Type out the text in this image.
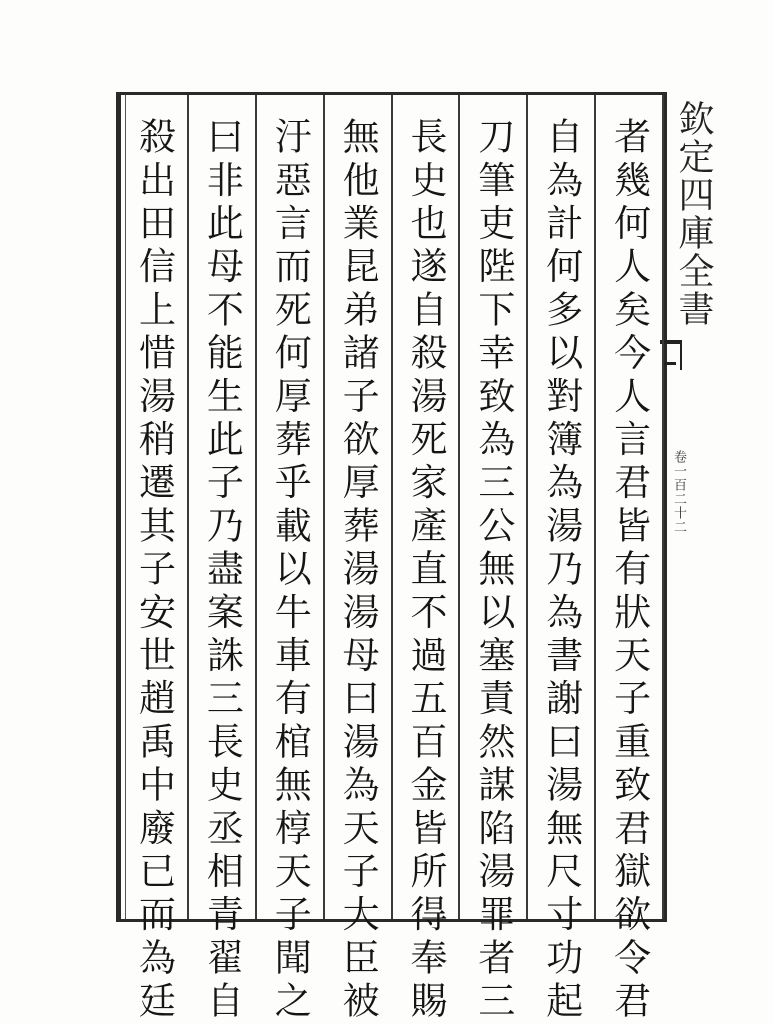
欽定四庫全書
卷一百二十二
者幾何人矣今人言君皆有狀天子重致君獄欲令君
自為計何多以對簿為湯乃為書謝曰湯無尺寸功起
刀筆吏陛下幸致為三公無以塞責然謀陷湯罪者三
長史也遂自殺湯死家產直不過五百金皆所得奉賜
無他業昆弟諸子欲厚葬湯湯母曰湯為天子大臣被
汙惡言而死何厚葬乎載以牛車有棺無椁天子聞之
曰非此母不能生此子乃盡案誅三長史丞相青翟自
殺出田信上惜湯稍遷其子安世趙禹中廢已而為廷
